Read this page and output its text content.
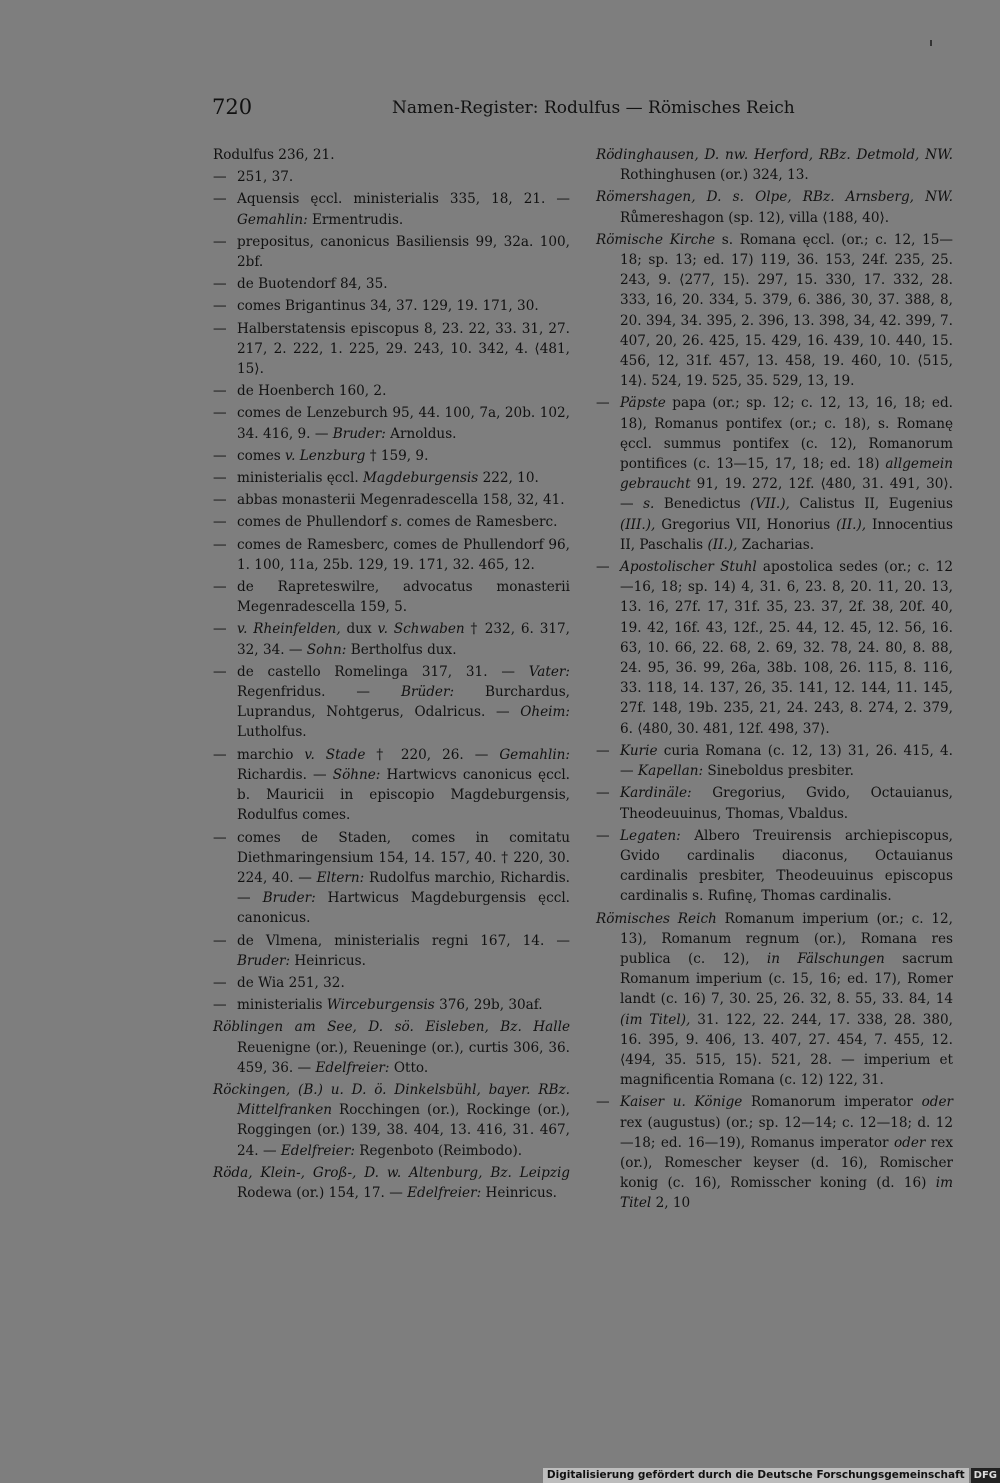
720	Namen-Register: Rodulfus — Römisches Reich

Rodulfus 236, 21.

— 251, 37.

— Aquensis ęccl. ministerialis 335, 18, 21. — Gemahlin: Ermentrudis.

— prepositus, canonicus Basiliensis 99, 32a. 100, 2bf.

— de Buotendorf 84, 35.

— comes Brigantinus 34, 37. 129, 19. 171, 30.

— Halberstatensis episcopus 8, 23. 22, 33. 31, 27. 217, 2. 222, 1. 225, 29. 243, 10. 342, 4. ⟨481, 15⟩.

— de Hoenberch 160, 2.

— comes de Lenzeburch 95, 44. 100, 7a, 20b. 102, 34. 416, 9. — Bruder: Arnoldus.

— comes v. Lenzburg † 159, 9.

— ministerialis ęccl. Magdeburgensis 222, 10.

— abbas monasterii Megenradescella 158, 32, 41.

— comes de Phullendorf s. comes de Ramesberc.

— comes de Ramesberc, comes de Phullendorf 96, 1. 100, 11a, 25b. 129, 19. 171, 32. 465, 12.

— de Rapreteswilre, advocatus monasterii Megenradescella 159, 5.

— v. Rheinfelden, dux v. Schwaben † 232, 6. 317, 32, 34. — Sohn: Bertholfus dux.

— de castello Romelinga 317, 31. — Vater: Regenfridus. — Brüder: Burchardus, Luprandus, Nohtgerus, Odalricus. — Oheim: Lutholfus.

— marchio v. Stade † 220, 26. — Gemahlin: Richardis. — Söhne: Hartwicvs canonicus ęccl. b. Mauricii in episcopio Magdeburgensis, Rodulfus comes.

— comes de Staden, comes in comitatu Diethmaringensium 154, 14. 157, 40. † 220, 30. 224, 40. — Eltern: Rudolfus marchio, Richardis. — Bruder: Hartwicus Magdeburgensis ęccl. canonicus.

— de Vlmena, ministerialis regni 167, 14. — Bruder: Heinricus.

— de Wia 251, 32.

— ministerialis Wirceburgensis 376, 29b, 30af.

Röblingen am See, D. sö. Eisleben, Bz. Halle Reuenigne (or.), Reueninge (or.), curtis 306, 36. 459, 36. — Edelfreier: Otto.

Röckingen, (B.) u. D. ö. Dinkelsbühl, bayer. RBz. Mittelfranken Rocchingen (or.), Rockinge (or.), Roggingen (or.) 139, 38. 404, 13. 416, 31. 467, 24. — Edelfreier: Regenboto (Reimbodo).

Röda, Klein-, Groß-, D. w. Altenburg, Bz. Leipzig Rodewa (or.) 154, 17. — Edelfreier: Heinricus.

Rödinghausen, D. nw. Herford, RBz. Detmold, NW. Rothinghusen (or.) 324, 13.

Römershagen, D. s. Olpe, RBz. Arnsberg, NW. Růmereshagon (sp. 12), villa ⟨188, 40⟩.

Römische Kirche s. Romana ęccl. (or.; c. 12, 15—18; sp. 13; ed. 17) 119, 36. 153, 24f. 235, 25. 243, 9. ⟨277, 15⟩. 297, 15. 330, 17. 332, 28. 333, 16, 20. 334, 5. 379, 6. 386, 30, 37. 388, 8, 20. 394, 34. 395, 2. 396, 13. 398, 34, 42. 399, 7. 407, 20, 26. 425, 15. 429, 16. 439, 10. 440, 15. 456, 12, 31f. 457, 13. 458, 19. 460, 10. ⟨515, 14⟩. 524, 19. 525, 35. 529, 13, 19.

— Päpste papa (or.; sp. 12; c. 12, 13, 16, 18; ed. 18), Romanus pontifex (or.; c. 18), s. Romanę ęccl. summus pontifex (c. 12), Romanorum pontifices (c. 13—15, 17, 18; ed. 18) allgemein gebraucht 91, 19. 272, 12f. ⟨480, 31. 491, 30⟩. — s. Benedictus (VII.), Calistus II, Eugenius (III.), Gregorius VII, Honorius (II.), Innocentius II, Paschalis (II.), Zacharias.

— Apostolischer Stuhl apostolica sedes (or.; c. 12—16, 18; sp. 14) 4, 31. 6, 23. 8, 20. 11, 20. 13, 13. 16, 27f. 17, 31f. 35, 23. 37, 2f. 38, 20f. 40, 19. 42, 16f. 43, 12f., 25. 44, 12. 45, 12. 56, 16. 63, 10. 66, 22. 68, 2. 69, 32. 78, 24. 80, 8. 88, 24. 95, 36. 99, 26a, 38b. 108, 26. 115, 8. 116, 33. 118, 14. 137, 26, 35. 141, 12. 144, 11. 145, 27f. 148, 19b. 235, 21, 24. 243, 8. 274, 2. 379, 6. ⟨480, 30. 481, 12f. 498, 37⟩.

— Kurie curia Romana (c. 12, 13) 31, 26. 415, 4. — Kapellan: Sineboldus presbiter.

— Kardinäle: Gregorius, Gvido, Octauianus, Theodeuuinus, Thomas, Vbaldus.

— Legaten: Albero Treuirensis archiepiscopus, Gvido cardinalis diaconus, Octauianus cardinalis presbiter, Theodeuuinus episcopus cardinalis s. Rufinę, Thomas cardinalis.

Römisches Reich Romanum imperium (or.; c. 12, 13), Romanum regnum (or.), Romana res publica (c. 12), in Fälschungen sacrum Romanum imperium (c. 15, 16; ed. 17), Romer landt (c. 16) 7, 30. 25, 26. 32, 8. 55, 33. 84, 14 (im Titel), 31. 122, 22. 244, 17. 338, 28. 380, 16. 395, 9. 406, 13. 407, 27. 454, 7. 455, 12. ⟨494, 35. 515, 15⟩. 521, 28. — imperium et magnificentia Romana (c. 12) 122, 31.

— Kaiser u. Könige Romanorum imperator oder rex (augustus) (or.; sp. 12—14; c. 12—18; d. 12—18; ed. 16—19), Romanus imperator oder rex (or.), Romescher keyser (d. 16), Romischer konig (c. 16), Romisscher koning (d. 16) im Titel 2, 10

Digitalisierung gefördert durch die Deutsche Forschungsgemeinschaft DFG
